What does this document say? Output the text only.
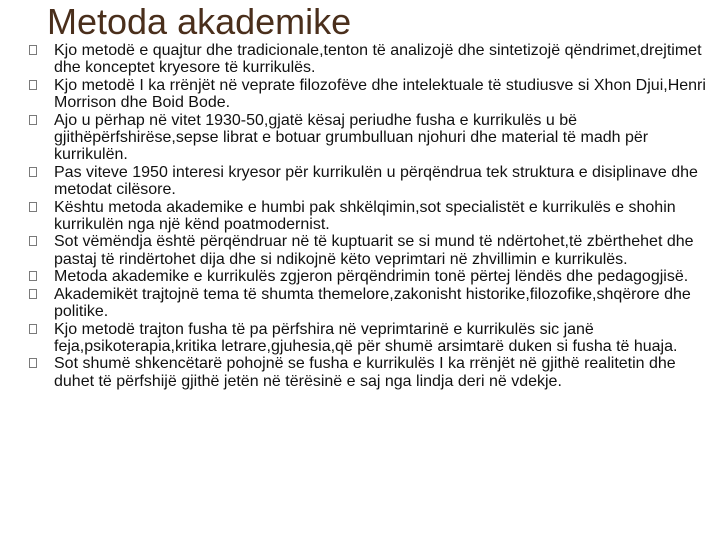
Metoda akademike
Kjo metodë e quajtur dhe tradicionale,tenton të analizojë dhe sintetizojë qëndrimet,drejtimet dhe konceptet kryesore të kurrikulës.
Kjo metodë I ka rrënjët në veprate filozofëve dhe intelektuale të studiusve si Xhon Djui,Henri Morrison dhe Boid Bode.
Ajo u përhap në vitet 1930-50,gjatë kësaj periudhe fusha e kurrikulës u bë gjithëpërfshirëse,sepse librat e botuar grumbulluan njohuri dhe material të madh për kurrikulën.
Pas viteve 1950 interesi kryesor për kurrikulën u përqëndrua tek struktura e disiplinave dhe metodat cilësore.
Kështu metoda akademike e humbi pak shkëlqimin,sot specialistët e kurrikulës e shohin kurrikulën nga një kënd poatmodernist.
Sot vëmëndja është përqëndruar në të kuptuarit se si mund të ndërtohet,të zbërthehet dhe pastaj të rindërtohet dija dhe si ndikojnë këto veprimtari në zhvillimin e kurrikulës.
Metoda akademike e kurrikulës zgjeron përqëndrimin tonë përtej lëndës dhe pedagogjisë.
Akademikët trajtojnë tema të shumta themelore,zakonisht historike,filozofike,shqërore dhe politike.
Kjo metodë trajton fusha të pa përfshira në veprimtarinë e kurrikulës sic janë feja,psikoterapia,kritika letrare,gjuhesia,që për shumë arsimtarë duken si fusha të huaja.
Sot shumë shkencëtarë pohojnë se fusha e kurrikulës I ka rrënjët në gjithë realitetin dhe duhet të përfshijë gjithë jetën në tërësinë e saj nga lindja deri në vdekje.
